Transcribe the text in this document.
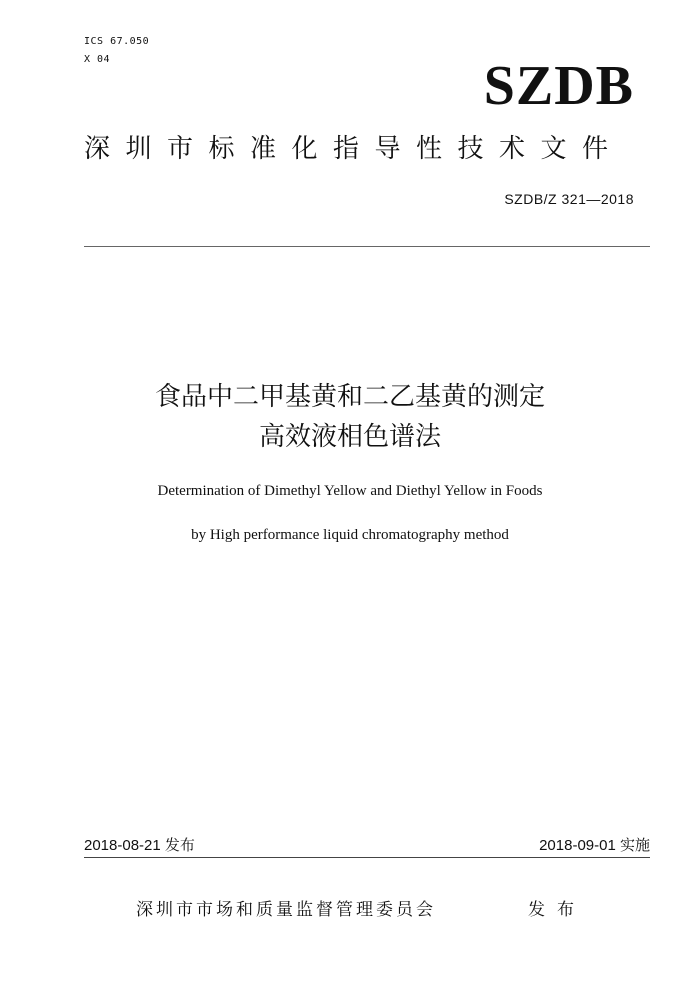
ICS 67.050
X 04	SZDB
深圳市标准化指导性技术文件
SZDB/Z 321—2018
食品中二甲基黄和二乙基黄的测定
高效液相色谱法
Determination of Dimethyl Yellow and Diethyl Yellow in Foods
by High performance liquid chromatography method
2018-08-21 发布	2018-09-01 实施
深圳市市场和质量监督管理委员会	发布
